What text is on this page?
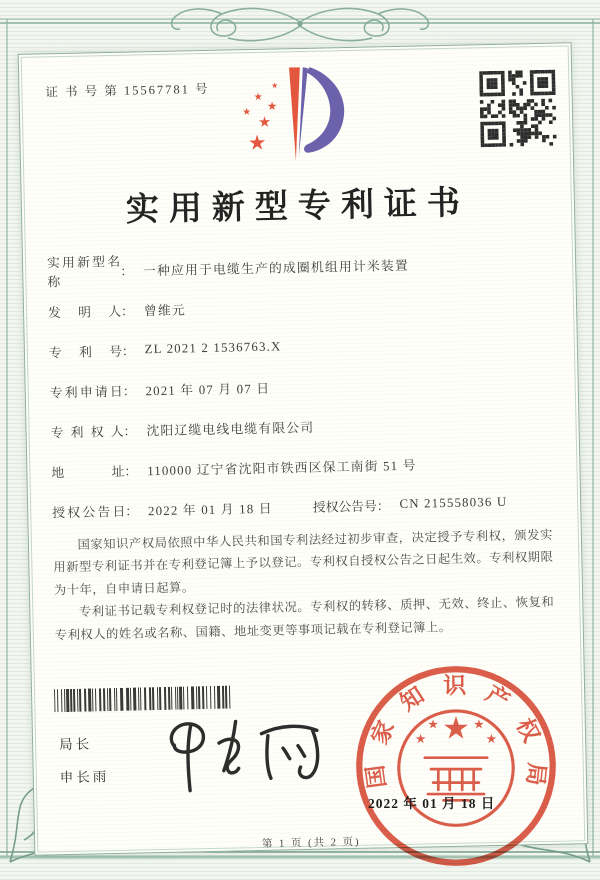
证 书 号 第 15567781 号
实用新型专利证书
实用新型名称
： 一种应用于电缆生产的成圈机组用计米装置
发明人 ： 曾维元
专利号 ： ZL 2021 2 1536763.X
专利申请日 ： 2021 年 07 月 07 日
专利权人 ： 沈阳辽缆电线电缆有限公司
地址 ： 110000 辽宁省沈阳市铁西区保工南街 51 号
授权公告日 ： 2022 年 01 月 18 日	授权公告号 ： CN 215558036 U

国家知识产权局依照中华人民共和国专利法经过初步审查，决定授予专利权，颁发实用新型专利证书并在专利登记簿上予以登记。专利权自授权公告之日起生效。专利权期限为十年，自申请日起算。

专利证书记载专利权登记时的法律状况。专利权的转移、质押、无效、终止、恢复和专利权人的姓名或名称、国籍、地址变更等事项记载在专利登记簿上。

局长
申长雨
第 1 页 (共 2 页)
国家知识产权局
2022 年 01 月 18 日
